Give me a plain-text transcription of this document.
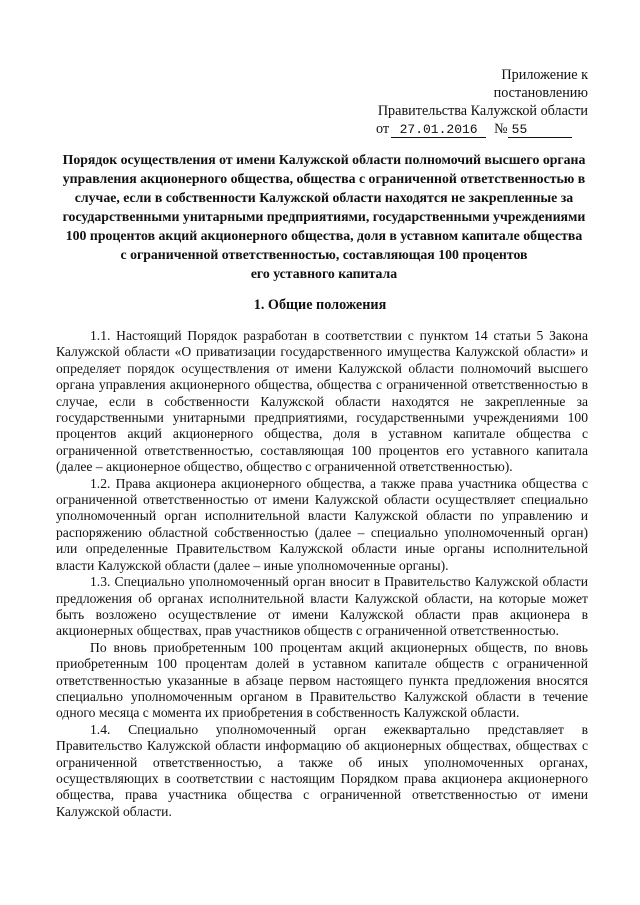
Приложение к
постановлению
Правительства Калужской области
от 27.01.2016 № 55

Порядок осуществления от имени Калужской области полномочий высшего органа

управления акционерного общества, общества с ограниченной ответственностью в

случае, если в собственности Калужской области находятся не закрепленные за

государственными унитарными предприятиями, государственными учреждениями

100 процентов акций акционерного общества, доля в уставном капитале общества

с ограниченной ответственностью, составляющая 100 процентов

его уставного капитала

1. Общие положения

1.1. Настоящий Порядок разработан в соответствии с пунктом 14 статьи 5 Закона Калужской области «О приватизации государственного имущества Калужской области» и определяет порядок осуществления от имени Калужской области полномочий высшего органа управления акционерного общества, общества с ограниченной ответственностью в случае, если в собственности Калужской области находятся не закрепленные за государственными унитарными предприятиями, государственными учреждениями 100 процентов акций акционерного общества, доля в уставном капитале общества с ограниченной ответственностью, составляющая 100 процентов его уставного капитала (далее – акционерное общество, общество с ограниченной ответственностью).

1.2. Права акционера акционерного общества, а также права участника общества с ограниченной ответственностью от имени Калужской области осуществляет специально уполномоченный орган исполнительной власти Калужской области по управлению и распоряжению областной собственностью (далее – специально уполномоченный орган) или определенные Правительством Калужской области иные органы исполнительной власти Калужской области (далее – иные уполномоченные органы).

1.3. Специально уполномоченный орган вносит в Правительство Калужской области предложения об органах исполнительной власти Калужской области, на которые может быть возложено осуществление от имени Калужской области прав акционера в акционерных обществах, прав участников обществ с ограниченной ответственностью.

По вновь приобретенным 100 процентам акций акционерных обществ, по вновь приобретенным 100 процентам долей в уставном капитале обществ с ограниченной ответственностью указанные в абзаце первом настоящего пункта предложения вносятся специально уполномоченным органом в Правительство Калужской области в течение одного месяца с момента их приобретения в собственность Калужской области.

1.4. Специально уполномоченный орган ежеквартально представляет в Правительство Калужской области информацию об акционерных обществах, обществах с ограниченной ответственностью, а также об иных уполномоченных органах, осуществляющих в соответствии с настоящим Порядком права акционера акционерного общества, права участника общества с ограниченной ответственностью от имени Калужской области.
